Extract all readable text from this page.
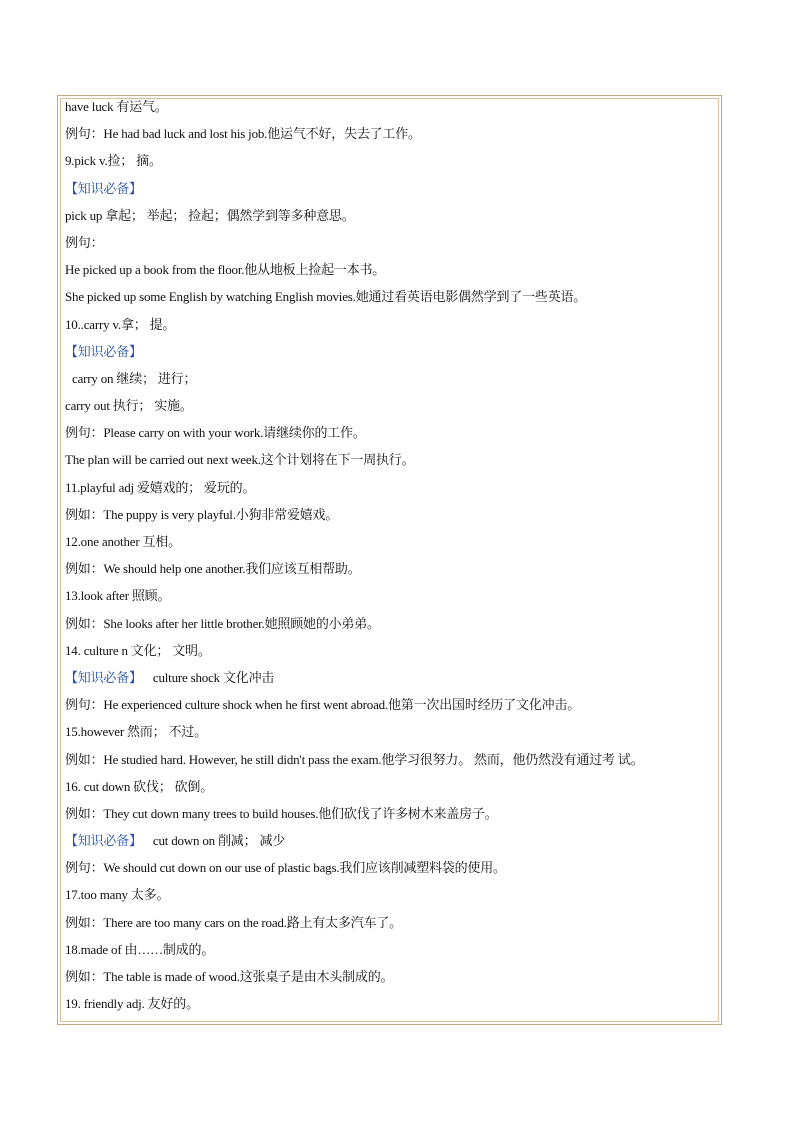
have luck 有运气。
例句：He had bad luck and lost his job.他运气不好，失去了工作。
9.pick v.捡； 摘。
【知识必备】
pick up 拿起； 举起； 捡起；偶然学到等多种意思。
例句：
He picked up a book from the floor.他从地板上捡起一本书。
She picked up some English by watching English movies.她通过看英语电影偶然学到了一些英语。
10..carry v.拿； 提。
【知识必备】
carry on 继续； 进行；
carry out 执行； 实施。
例句：Please carry on with your work.请继续你的工作。
The plan will be carried out next week.这个计划将在下一周执行。
11.playful adj 爱嬉戏的； 爱玩的。
例如：The puppy is very playful.小狗非常爱嬉戏。
12.one another 互相。
例如：We should help one another.我们应该互相帮助。
13.look after 照顾。
例如：She looks after her little brother.她照顾她的小弟弟。
14. culture n 文化； 文明。
【知识必备】 culture shock 文化冲击
例句：He experienced culture shock when he first went abroad.他第一次出国时经历了文化冲击。
15.however 然而； 不过。
例如：He studied hard. However, he still didn't pass the exam.他学习很努力。 然而，他仍然没有通过考 试。
16. cut down 砍伐； 砍倒。
例如：They cut down many trees to build houses.他们砍伐了许多树木来盖房子。
【知识必备】 cut down on 削减； 减少
例句：We should cut down on our use of plastic bags.我们应该削减塑料袋的使用。
17.too many 太多。
例如：There are too many cars on the road.路上有太多汽车了。
18.made of 由……制成的。
例如：The table is made of wood.这张桌子是由木头制成的。
19. friendly adj. 友好的。
